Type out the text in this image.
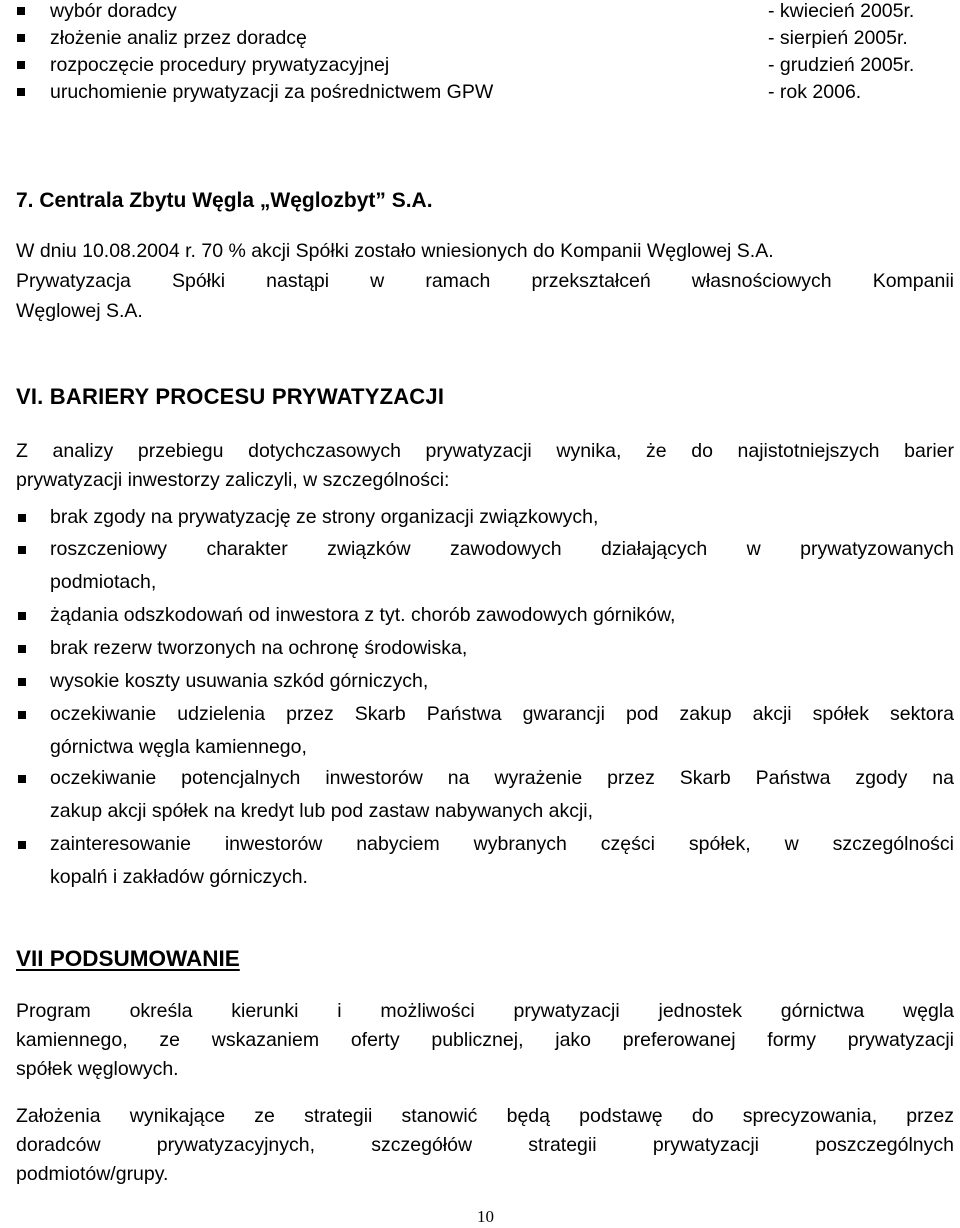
wybór doradcy	- kwiecień 2005r.
złożenie analiz przez doradcę	- sierpień 2005r.
rozpoczęcie procedury prywatyzacyjnej	- grudzień 2005r.
uruchomienie prywatyzacji za pośrednictwem GPW	- rok 2006.
7. Centrala Zbytu Węgla „Węglozbyt” S.A.
W dniu 10.08.2004 r. 70 % akcji Spółki zostało wniesionych do Kompanii Węglowej S.A.
Prywatyzacja Spółki nastąpi w ramach przekształceń własnościowych Kompanii
Węglowej S.A.
VI. BARIERY PROCESU PRYWATYZACJI
Z analizy przebiegu dotychczasowych prywatyzacji wynika, że do najistotniejszych barier
prywatyzacji inwestorzy zaliczyli, w szczególności:
brak zgody na prywatyzację ze strony organizacji związkowych,
roszczeniowy charakter związków zawodowych działających w prywatyzowanych
podmiotach,
żądania odszkodowań od inwestora z tyt. chorób zawodowych górników,
brak rezerw tworzonych na ochronę środowiska,
wysokie koszty usuwania szkód górniczych,
oczekiwanie udzielenia przez Skarb Państwa gwarancji pod zakup akcji spółek sektora
górnictwa węgla kamiennego,
oczekiwanie potencjalnych inwestorów na wyrażenie przez Skarb Państwa zgody na
zakup akcji spółek na kredyt lub pod zastaw nabywanych akcji,
zainteresowanie inwestorów nabyciem wybranych części spółek, w szczególności
kopalń i zakładów górniczych.
VII PODSUMOWANIE
Program określa kierunki i możliwości prywatyzacji jednostek górnictwa węgla
kamiennego, ze wskazaniem oferty publicznej, jako preferowanej formy prywatyzacji
spółek węglowych.
Założenia wynikające ze strategii stanowić będą podstawę do sprecyzowania, przez
doradców prywatyzacyjnych, szczegółów strategii prywatyzacji poszczególnych
podmiotów/grupy.
10
